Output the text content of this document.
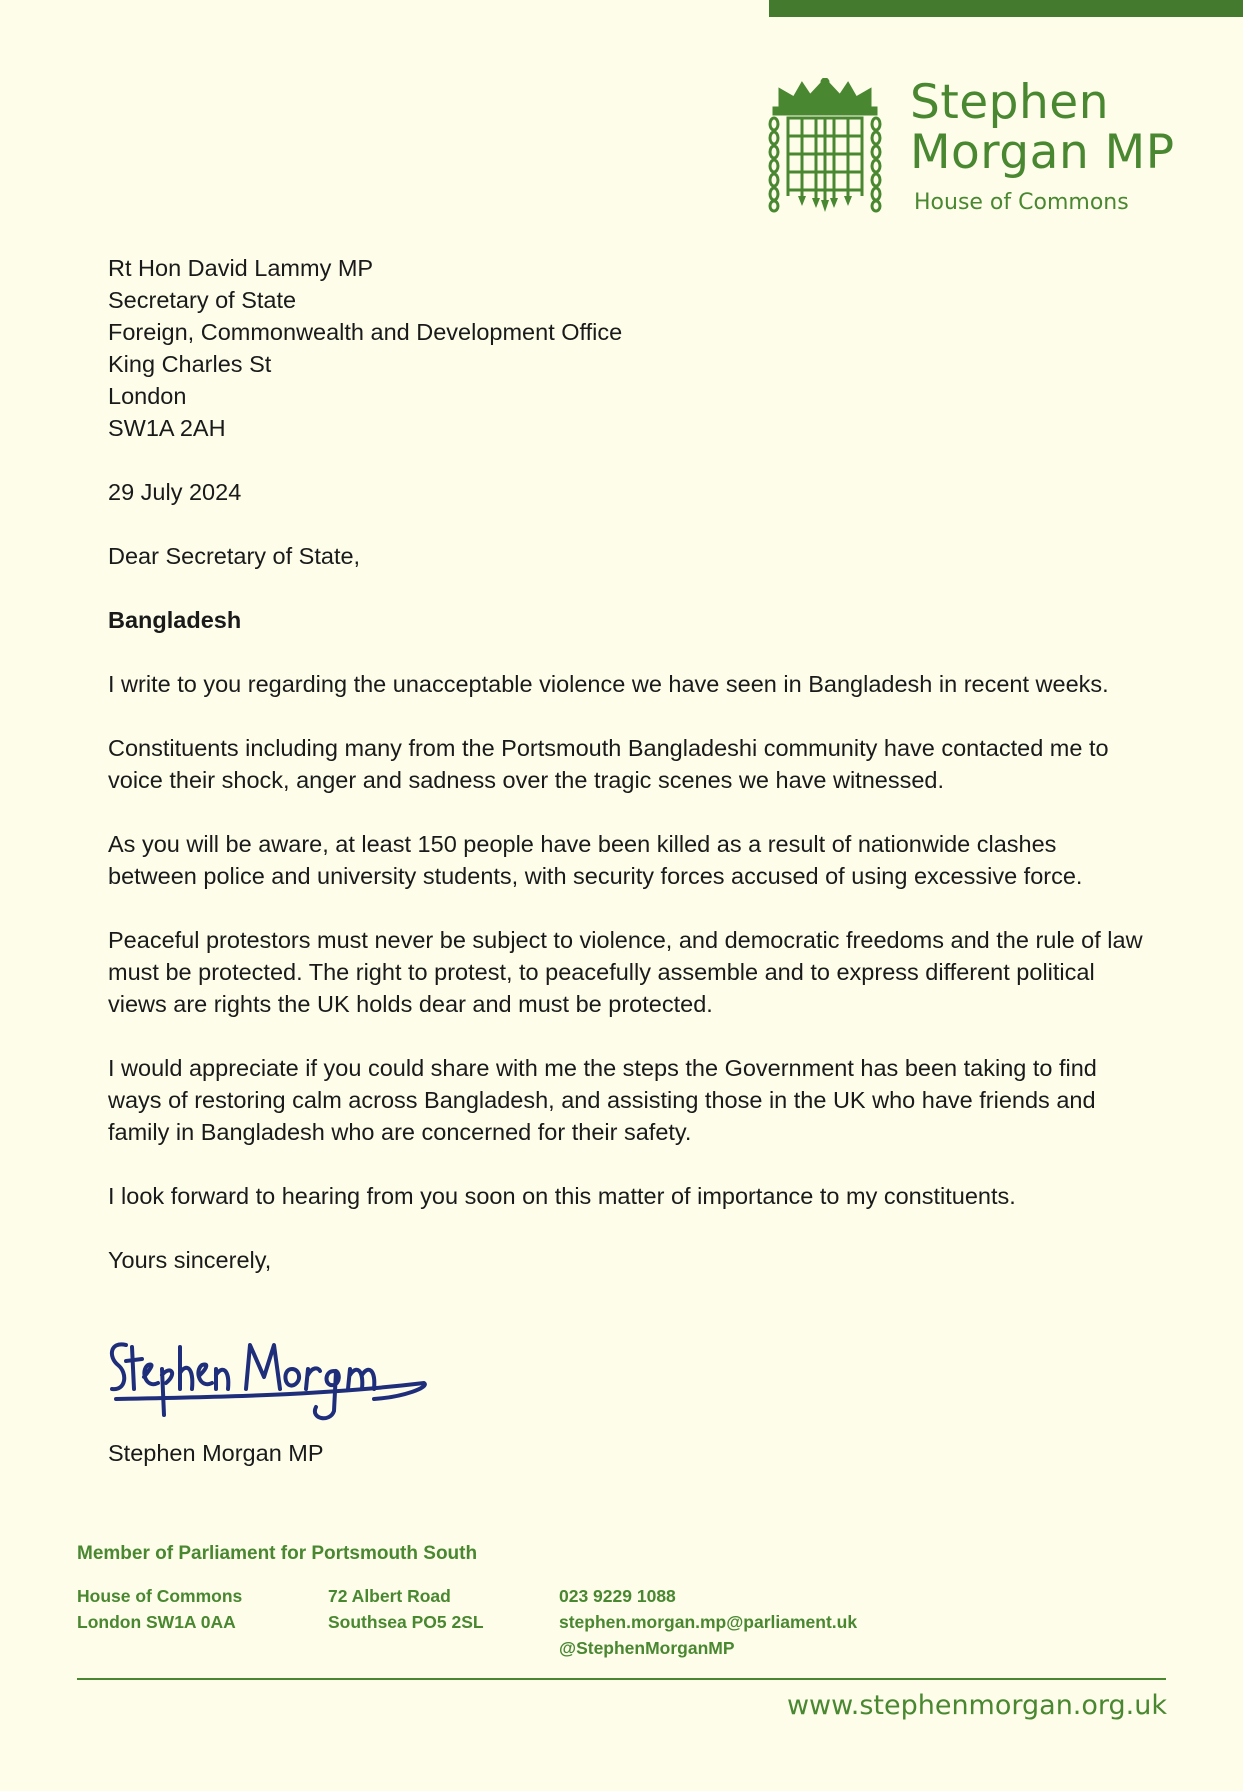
Stephen
Morgan MP
House of Commons

Rt Hon David Lammy MP

Secretary of State

Foreign, Commonwealth and Development Office

King Charles St

London

SW1A 2AH

29 July 2024

Dear Secretary of State,

Bangladesh

I write to you regarding the unacceptable violence we have seen in Bangladesh in recent weeks.

Constituents including many from the Portsmouth Bangladeshi community have contacted me to voice their shock, anger and sadness over the tragic scenes we have witnessed.

As you will be aware, at least 150 people have been killed as a result of nationwide clashes between police and university students, with security forces accused of using excessive force.

Peaceful protestors must never be subject to violence, and democratic freedoms and the rule of law must be protected. The right to protest, to peacefully assemble and to express different political views are rights the UK holds dear and must be protected.

I would appreciate if you could share with me the steps the Government has been taking to find ways of restoring calm across Bangladesh, and assisting those in the UK who have friends and family in Bangladesh who are concerned for their safety.

I look forward to hearing from you soon on this matter of importance to my constituents.

Yours sincerely,

Stephen Morgan MP

Member of Parliament for Portsmouth South
House of Commons
London SW1A 0AA
72 Albert Road
Southsea PO5 2SL
023 9229 1088
stephen.morgan.mp@parliament.uk
@StephenMorganMP
www.stephenmorgan.org.uk
